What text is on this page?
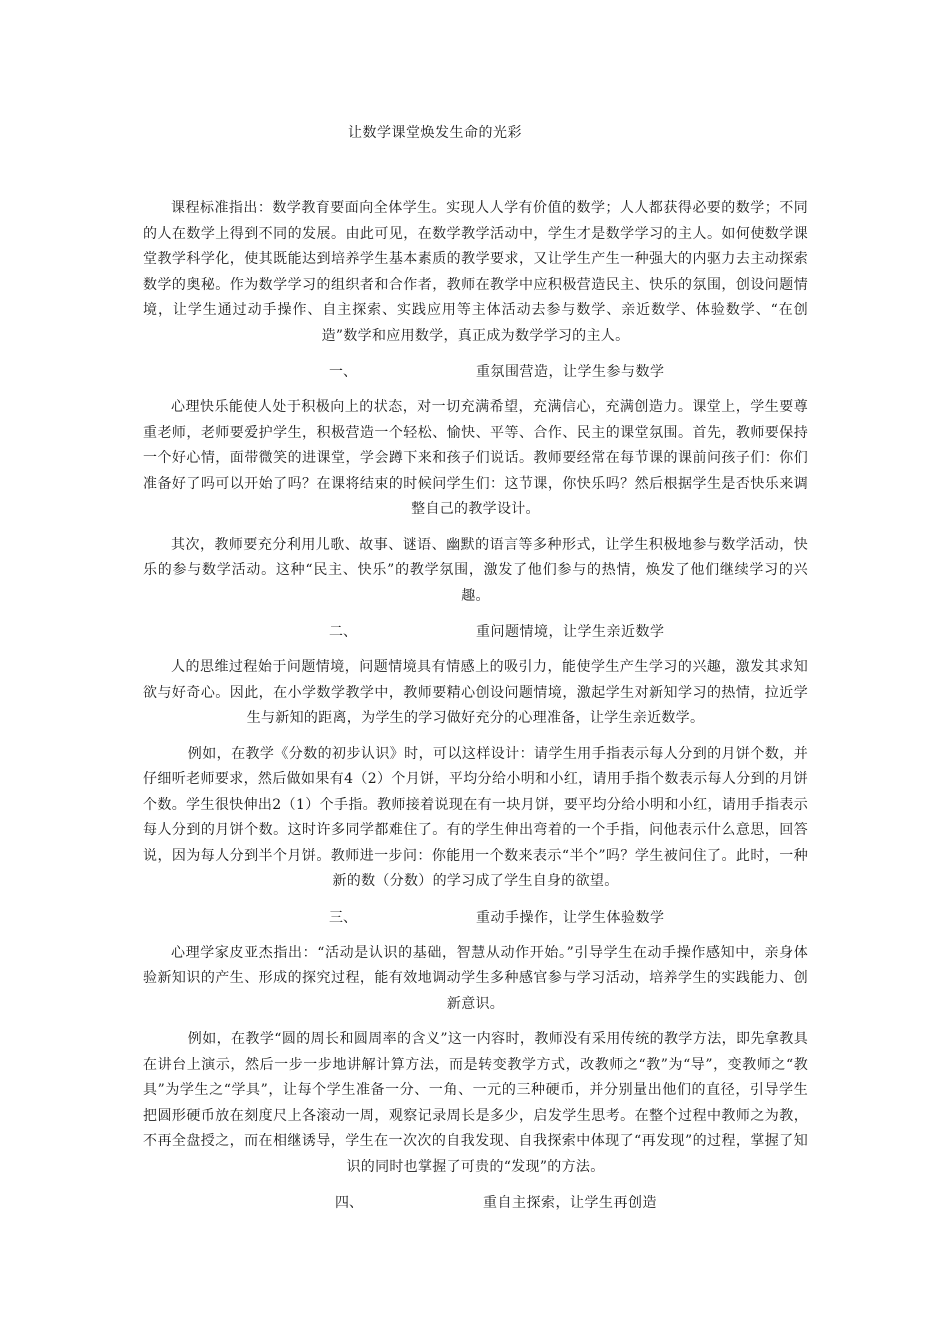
让数学课堂焕发生命的光彩

课程标准指出：数学教育要面向全体学生。实现人人学有价值的数学；人人都获得必要的数学；不同的人在数学上得到不同的发展。由此可见，在数学教学活动中，学生才是数学学习的主人。如何使数学课堂教学科学化，使其既能达到培养学生基本素质的教学要求，又让学生产生一种强大的内驱力去主动探索数学的奥秘。作为数学学习的组织者和合作者，教师在教学中应积极营造民主、快乐的氛围，创设问题情境，让学生通过动手操作、自主探索、实践应用等主体活动去参与数学、亲近数学、体验数学、“在创造”数学和应用数学，真正成为数学学习的主人。

一、	重氛围营造，让学生参与数学

心理快乐能使人处于积极向上的状态，对一切充满希望，充满信心，充满创造力。课堂上，学生要尊重老师，老师要爱护学生，积极营造一个轻松、愉快、平等、合作、民主的课堂氛围。首先，教师要保持一个好心情，面带微笑的进课堂，学会蹲下来和孩子们说话。教师要经常在每节课的课前问孩子们：你们准备好了吗可以开始了吗？在课将结束的时候问学生们：这节课，你快乐吗？然后根据学生是否快乐来调整自己的教学设计。

其次，教师要充分利用儿歌、故事、谜语、幽默的语言等多种形式，让学生积极地参与数学活动，快乐的参与数学活动。这种“民主、快乐”的教学氛围，激发了他们参与的热情，焕发了他们继续学习的兴趣。

二、	重问题情境，让学生亲近数学

人的思维过程始于问题情境，问题情境具有情感上的吸引力，能使学生产生学习的兴趣，激发其求知欲与好奇心。因此，在小学数学教学中，教师要精心创设问题情境，激起学生对新知学习的热情，拉近学生与新知的距离，为学生的学习做好充分的心理准备，让学生亲近数学。

例如，在教学《分数的初步认识》时，可以这样设计：请学生用手指表示每人分到的月饼个数，并仔细听老师要求，然后做如果有4（2）个月饼，平均分给小明和小红，请用手指个数表示每人分到的月饼个数。学生很快伸出2（1）个手指。教师接着说现在有一块月饼，要平均分给小明和小红，请用手指表示每人分到的月饼个数。这时许多同学都难住了。有的学生伸出弯着的一个手指，问他表示什么意思，回答说，因为每人分到半个月饼。教师进一步问：你能用一个数来表示“半个”吗？学生被问住了。此时，一种新的数（分数）的学习成了学生自身的欲望。

三、	重动手操作，让学生体验数学

心理学家皮亚杰指出：“活动是认识的基础，智慧从动作开始。”引导学生在动手操作感知中，亲身体验新知识的产生、形成的探究过程，能有效地调动学生多种感官参与学习活动，培养学生的实践能力、创新意识。

例如，在教学“圆的周长和圆周率的含义”这一内容时，教师没有采用传统的教学方法，即先拿教具在讲台上演示，然后一步一步地讲解计算方法，而是转变教学方式，改教师之“教”为“导”，变教师之“教具”为学生之“学具”，让每个学生准备一分、一角、一元的三种硬币，并分别量出他们的直径，引导学生把圆形硬币放在刻度尺上各滚动一周，观察记录周长是多少，启发学生思考。在整个过程中教师之为教，不再全盘授之，而在相继诱导，学生在一次次的自我发现、自我探索中体现了“再发现”的过程，掌握了知识的同时也掌握了可贵的“发现”的方法。

四、	重自主探索，让学生再创造
